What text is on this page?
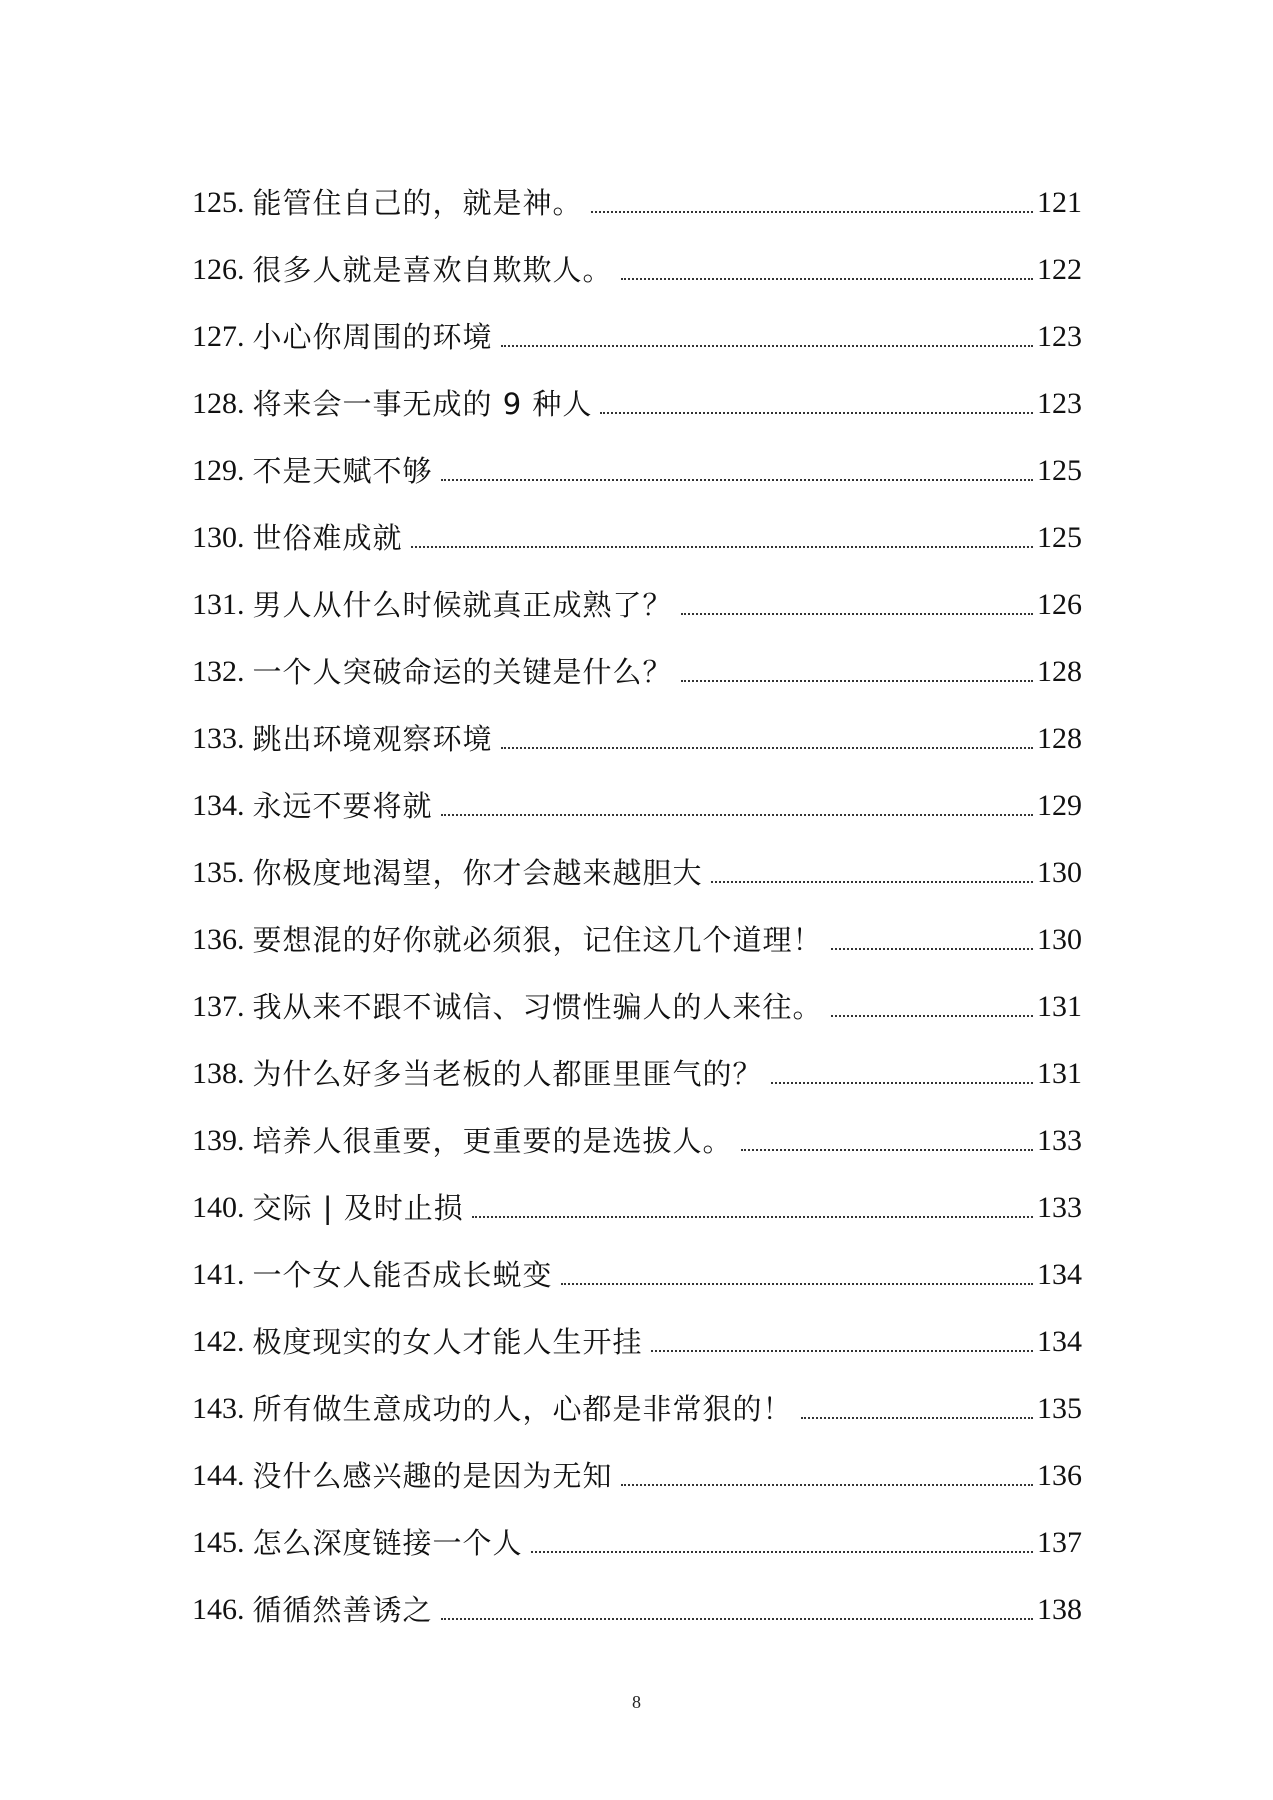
125. 能管住自己的，就是神。	121
126. 很多人就是喜欢自欺欺人。	122
127. 小心你周围的环境	123
128. 将来会一事无成的 9 种人	123
129. 不是天赋不够	125
130. 世俗难成就	125
131. 男人从什么时候就真正成熟了？	126
132. 一个人突破命运的关键是什么？	128
133. 跳出环境观察环境	128
134. 永远不要将就	129
135. 你极度地渴望，你才会越来越胆大	130
136. 要想混的好你就必须狠，记住这几个道理！	130
137. 我从来不跟不诚信、习惯性骗人的人来往。	131
138. 为什么好多当老板的人都匪里匪气的？	131
139. 培养人很重要，更重要的是选拔人。	133
140. 交际 | 及时止损	133
141. 一个女人能否成长蜕变	134
142. 极度现实的女人才能人生开挂	134
143. 所有做生意成功的人，心都是非常狠的！	135
144. 没什么感兴趣的是因为无知	136
145. 怎么深度链接一个人	137
146. 循循然善诱之	138
8
